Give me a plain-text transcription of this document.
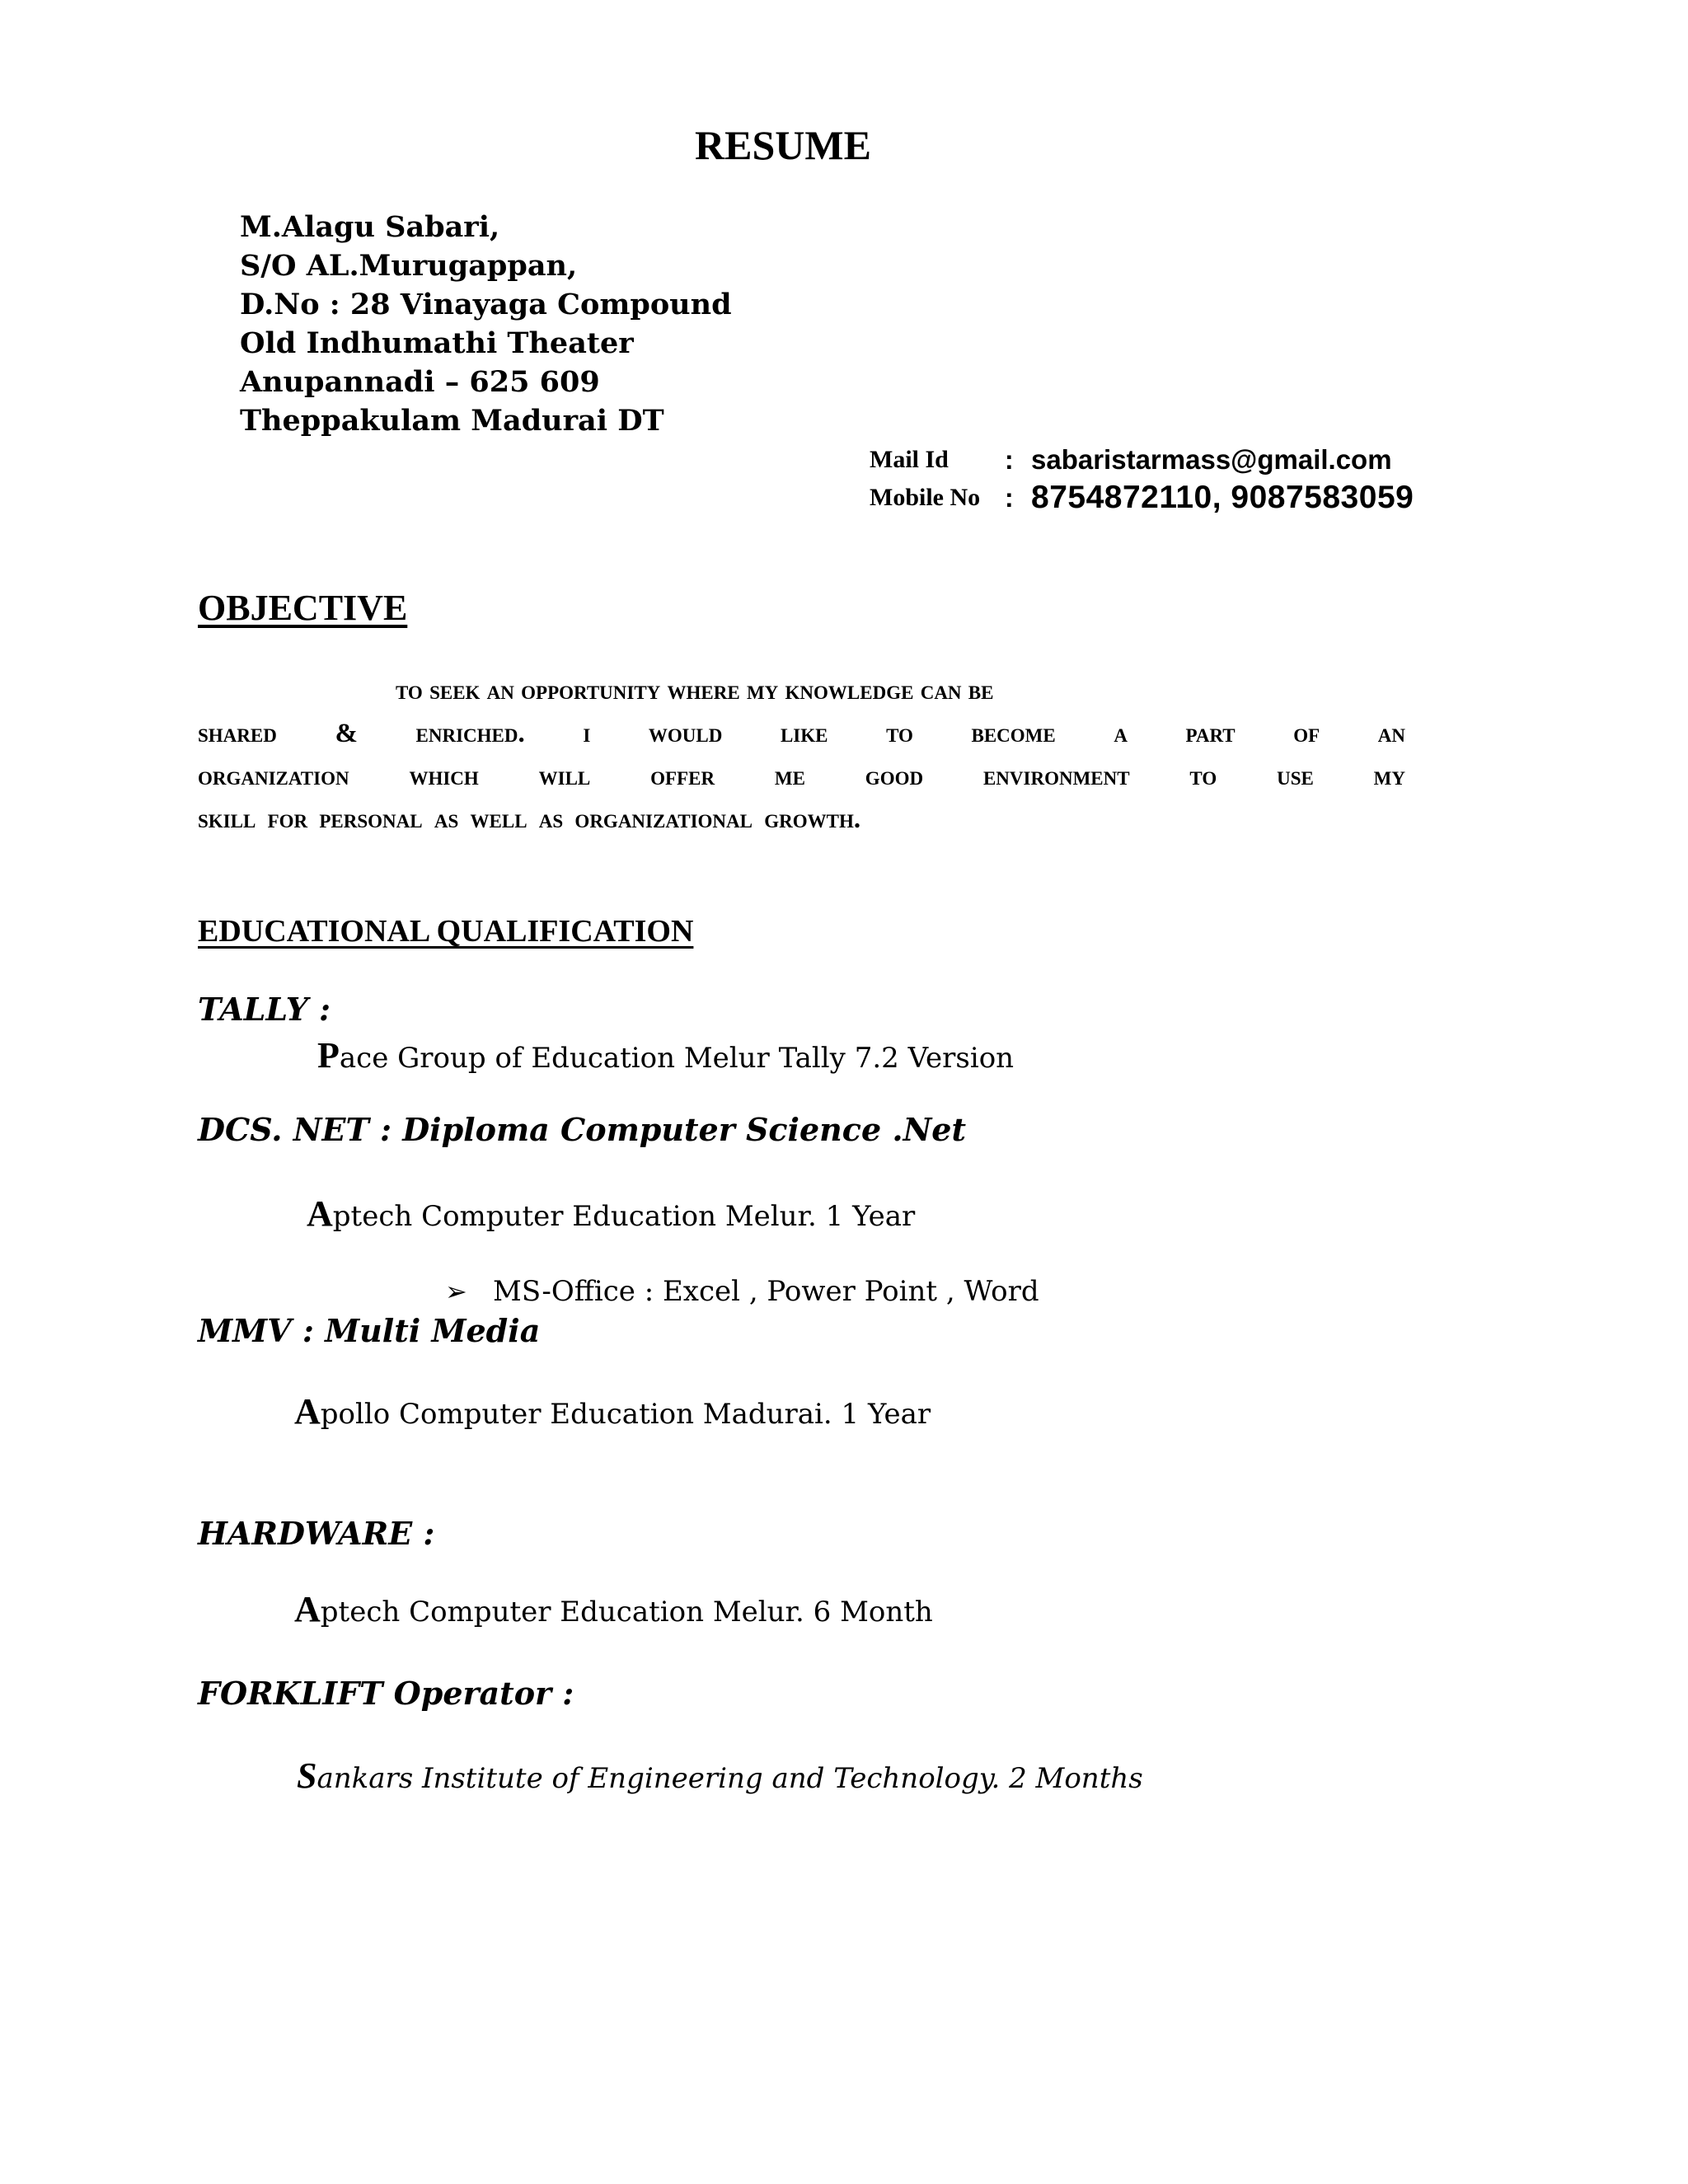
RESUME
M.Alagu Sabari,
S/O AL.Murugappan,
D.No : 28 Vinayaga Compound
Old Indhumathi Theater
Anupannadi – 625 609
Theppakulam Madurai DT
Mail Id : sabaristarmass@gmail.com
Mobile No : 8754872110, 9087583059
OBJECTIVE
to seek an opportunity where my knowledge can be
shared & enriched. i would like to become a part of an
organization which will offer me good environment to use my
skill for personal as well as organizational growth.
EDUCATIONAL QUALIFICATION
TALLY :
Pace Group of Education Melur Tally 7.2 Version
DCS. NET : Diploma Computer Science .Net
Aptech Computer Education Melur. 1 Year
➢ MS-Office : Excel , Power Point , Word
MMV : Multi Media
Apollo Computer Education Madurai. 1 Year
HARDWARE :
Aptech Computer Education Melur. 6 Month
FORKLIFT Operator :
Sankars Institute of Engineering and Technology. 2 Months
